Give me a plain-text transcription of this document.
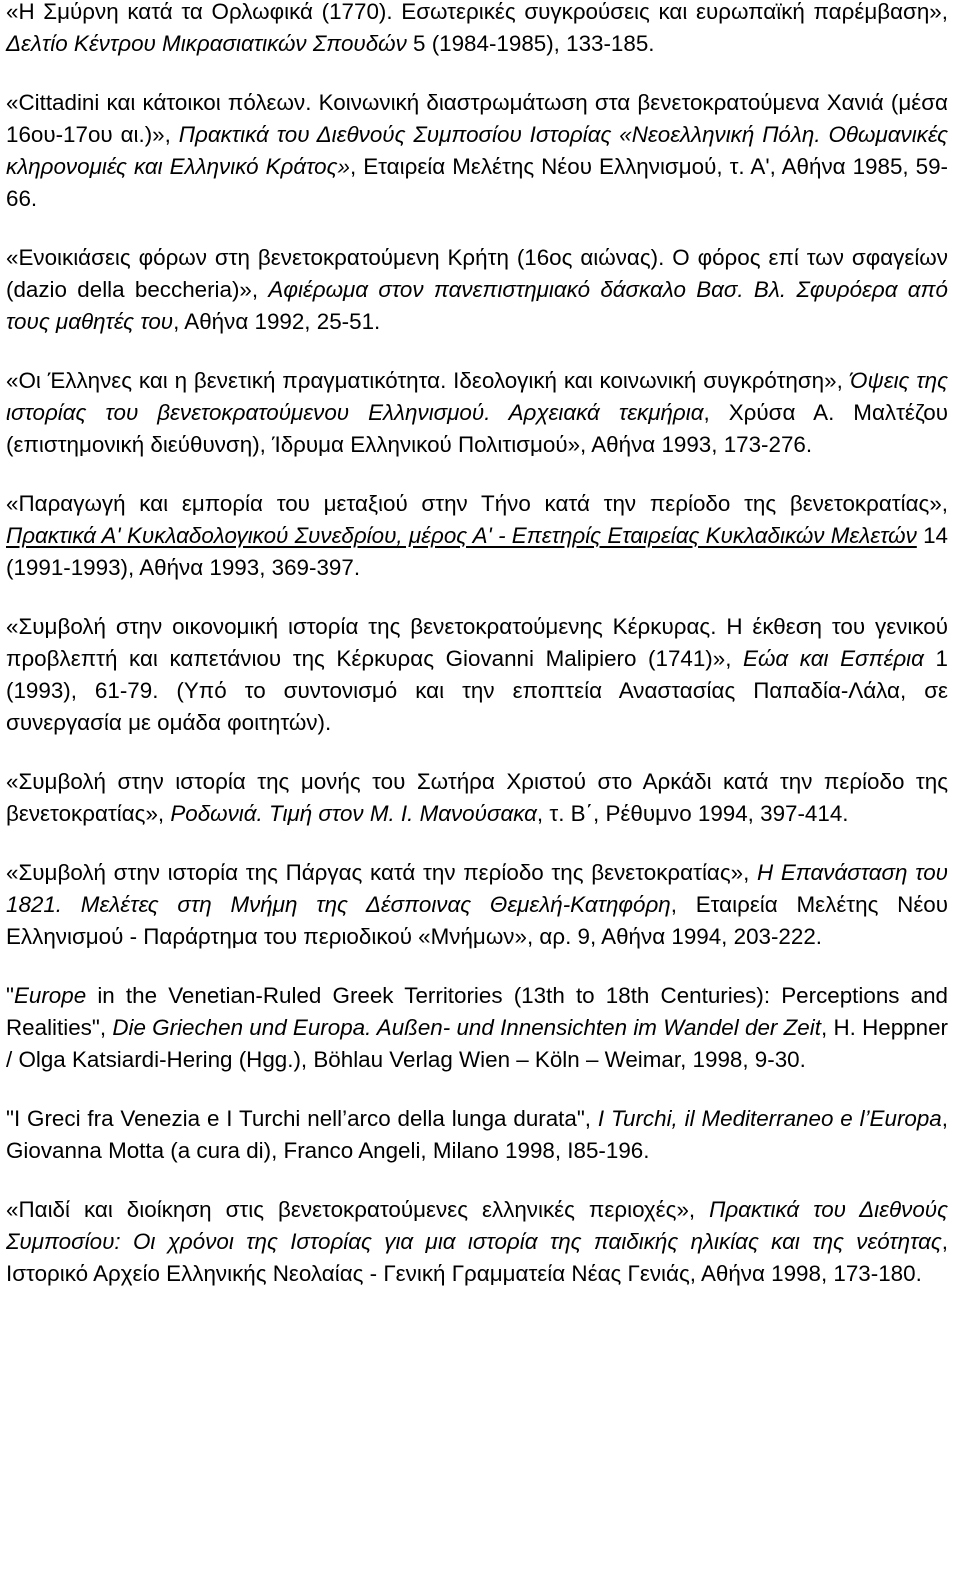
«Η Σμύρνη κατά τα Ορλωφικά (1770). Εσωτερικές συγκρούσεις και ευρωπαϊκή παρέμβαση», Δελτίο Κέντρου Μικρασιατικών Σπουδών 5 (1984-1985), 133-185.

«Cittadini και κάτοικοι πόλεων. Κοινωνική διαστρωμάτωση στα βενετοκρατούμενα Χανιά (μέσα 16ου-17ου αι.)», Πρακτικά του Διεθνούς Συμποσίου Ιστορίας «Νεοελληνική Πόλη. Οθωμανικές κληρονομιές και Ελληνικό Κράτος», Εταιρεία Μελέτης Νέου Ελληνισμού, τ. Α', Αθήνα 1985, 59-66.

«Ενοικιάσεις φόρων στη βενετοκρατούμενη Κρήτη (16ος αιώνας). Ο φόρος επί των σφαγείων (dazio della beccheria)», Αφιέρωμα στον πανεπιστημιακό δάσκαλο Βασ. Βλ. Σφυρόερα από τους μαθητές του, Αθήνα 1992, 25-51.

«Οι Έλληνες και η βενετική πραγματικότητα. Ιδεολογική και κοινωνική συγκρότηση», Όψεις της ιστορίας του βενετοκρατούμενου Ελληνισμού. Αρχειακά τεκμήρια, Χρύσα Α. Μαλτέζου (επιστημονική διεύθυνση), Ίδρυμα Ελληνικού Πολιτισμού», Αθήνα 1993, 173-276.

«Παραγωγή και εμπορία του μεταξιού στην Τήνο κατά την περίοδο της βενετοκρατίας», Πρακτικά Α' Κυκλαδολογικού Συνεδρίου, μέρος Α' - Επετηρίς Εταιρείας Κυκλαδικών Μελετών 14 (1991-1993), Αθήνα 1993, 369-397.

«Συμβολή στην οικονομική ιστορία της βενετοκρατούμενης Κέρκυρας. Η έκθεση του γενικού προβλεπτή και καπετάνιου της Κέρκυρας Giovanni Malipiero (1741)», Εώα και Εσπέρια 1 (1993), 61-79. (Υπό το συντονισμό και την εποπτεία Αναστασίας Παπαδία-Λάλα, σε συνεργασία με ομάδα φοιτητών).

«Συμβολή στην ιστορία της μονής του Σωτήρα Χριστού στο Αρκάδι κατά την περίοδο της βενετοκρατίας», Ροδωνιά. Τιμή στον Μ. Ι. Μανούσακα, τ. Β΄, Ρέθυμνο 1994, 397-414.

«Συμβολή στην ιστορία της Πάργας κατά την περίοδο της βενετοκρατίας», Η Επανάσταση του 1821. Μελέτες στη Μνήμη της Δέσποινας Θεμελή-Κατηφόρη, Εταιρεία Μελέτης Νέου Ελληνισμού - Παράρτημα του περιοδικού «Μνήμων», αρ. 9, Αθήνα 1994, 203-222.

"Europe in the Venetian-Ruled Greek Territories (13th to 18th Centuries): Perceptions and Realities", Die Griechen und Europa. Außen- und Innensichten im Wandel der Zeit, H. Heppner / Olga Katsiardi-Hering (Hgg.), Böhlau Verlag Wien – Köln – Weimar, 1998, 9-30.

"I Greci fra Venezia e I Turchi nell’arco della lunga durata", I Turchi, il Mediterraneo e l’Europa, Giovanna Motta (a cura di), Franco Angeli, Milano 1998, I85-196.

«Παιδί και διοίκηση στις βενετοκρατούμενες ελληνικές περιοχές», Πρακτικά του Διεθνούς Συμποσίου: Οι χρόνοι της Ιστορίας για μια ιστορία της παιδικής ηλικίας και της νεότητας, Ιστορικό Αρχείο Ελληνικής Νεολαίας - Γενική Γραμματεία Νέας Γενιάς, Αθήνα 1998, 173-180.
